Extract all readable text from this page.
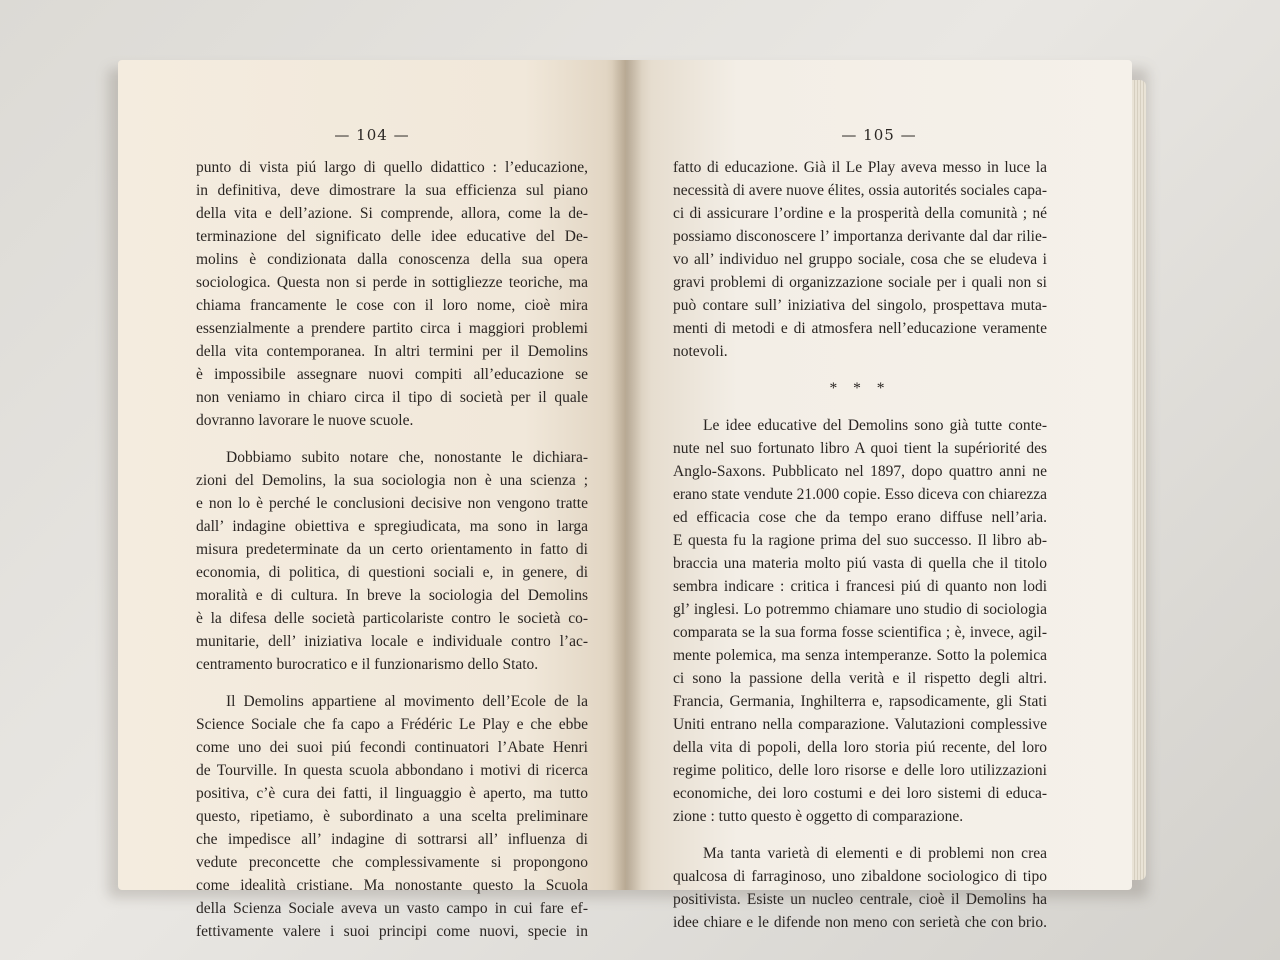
— 104 —
punto di vista piú largo di quello didattico : l’educazione,
in definitiva, deve dimostrare la sua efficienza sul piano
della vita e dell’azione. Si comprende, allora, come la de-
terminazione del significato delle idee educative del De-
molins è condizionata dalla conoscenza della sua opera
sociologica. Questa non si perde in sottigliezze teoriche, ma
chiama francamente le cose con il loro nome, cioè mira
essenzialmente a prendere partito circa i maggiori problemi
della vita contemporanea. In altri termini per il Demolins
è impossibile assegnare nuovi compiti all’educazione se
non veniamo in chiaro circa il tipo di società per il quale
dovranno lavorare le nuove scuole.
Dobbiamo subito notare che, nonostante le dichiara-
zioni del Demolins, la sua sociologia non è una scienza ;
e non lo è perché le conclusioni decisive non vengono tratte
dall’ indagine obiettiva e spregiudicata, ma sono in larga
misura predeterminate da un certo orientamento in fatto di
economia, di politica, di questioni sociali e, in genere, di
moralità e di cultura. In breve la sociologia del Demolins
è la difesa delle società particolariste contro le società co-
munitarie, dell’ iniziativa locale e individuale contro l’ac-
centramento burocratico e il funzionarismo dello Stato.
Il Demolins appartiene al movimento dell’Ecole de la
Science Sociale che fa capo a Frédéric Le Play e che ebbe
come uno dei suoi piú fecondi continuatori l’Abate Henri
de Tourville. In questa scuola abbondano i motivi di ricerca
positiva, c’è cura dei fatti, il linguaggio è aperto, ma tutto
questo, ripetiamo, è subordinato a una scelta preliminare
che impedisce all’ indagine di sottrarsi all’ influenza di
vedute preconcette che complessivamente si propongono
come idealità cristiane. Ma nonostante questo la Scuola
della Scienza Sociale aveva un vasto campo in cui fare ef-
fettivamente valere i suoi principi come nuovi, specie in
— 105 —
fatto di educazione. Già il Le Play aveva messo in luce la
necessità di avere nuove élites, ossia autorités sociales capa-
ci di assicurare l’ordine e la prosperità della comunità ; né
possiamo disconoscere l’ importanza derivante dal dar rilie-
vo all’ individuo nel gruppo sociale, cosa che se eludeva i
gravi problemi di organizzazione sociale per i quali non si
può contare sull’ iniziativa del singolo, prospettava muta-
menti di metodi e di atmosfera nell’educazione veramente
notevoli.
* * *
Le idee educative del Demolins sono già tutte conte-
nute nel suo fortunato libro A quoi tient la supériorité des
Anglo-Saxons. Pubblicato nel 1897, dopo quattro anni ne
erano state vendute 21.000 copie. Esso diceva con chiarezza
ed efficacia cose che da tempo erano diffuse nell’aria.
E questa fu la ragione prima del suo successo. Il libro ab-
braccia una materia molto piú vasta di quella che il titolo
sembra indicare : critica i francesi piú di quanto non lodi
gl’ inglesi. Lo potremmo chiamare uno studio di sociologia
comparata se la sua forma fosse scientifica ; è, invece, agil-
mente polemica, ma senza intemperanze. Sotto la polemica
ci sono la passione della verità e il rispetto degli altri.
Francia, Germania, Inghilterra e, rapsodicamente, gli Stati
Uniti entrano nella comparazione. Valutazioni complessive
della vita di popoli, della loro storia piú recente, del loro
regime politico, delle loro risorse e delle loro utilizzazioni
economiche, dei loro costumi e dei loro sistemi di educa-
zione : tutto questo è oggetto di comparazione.
Ma tanta varietà di elementi e di problemi non crea
qualcosa di farraginoso, uno zibaldone sociologico di tipo
positivista. Esiste un nucleo centrale, cioè il Demolins ha
idee chiare e le difende non meno con serietà che con brio.
